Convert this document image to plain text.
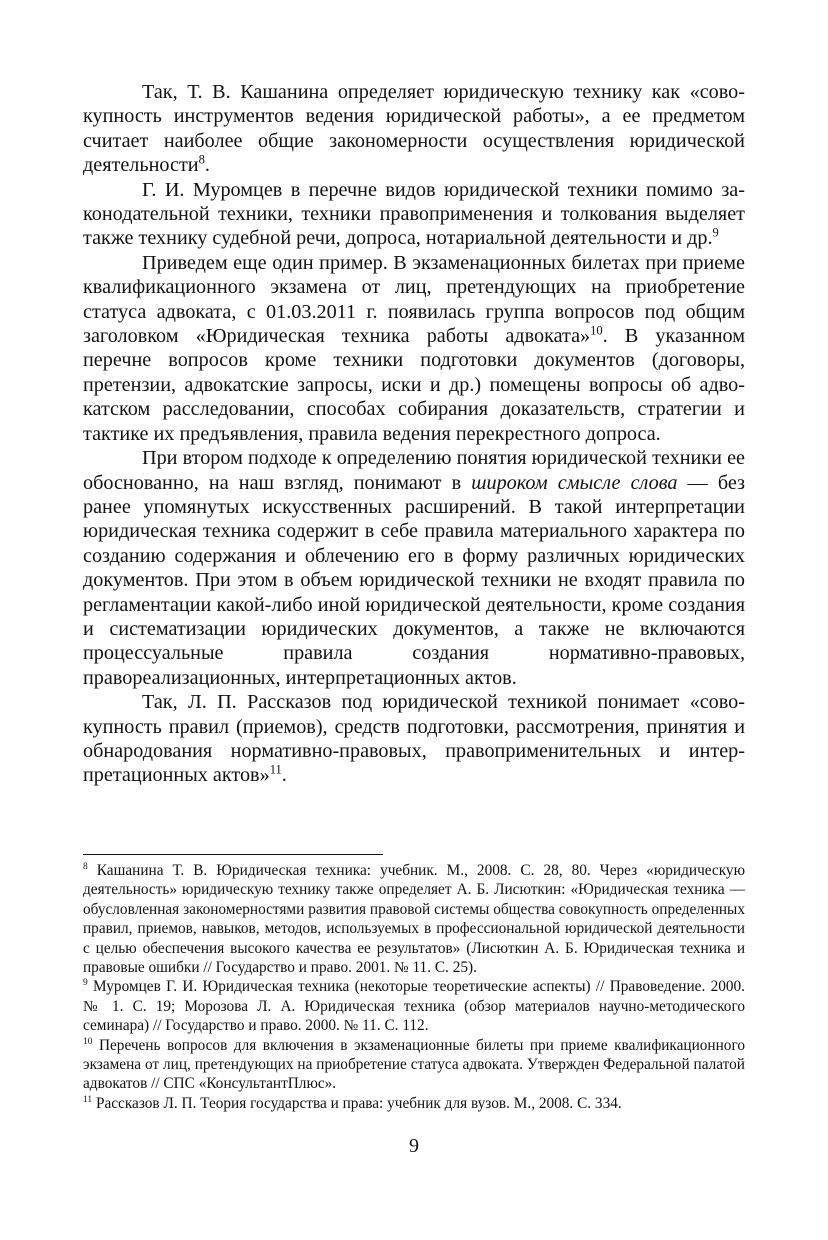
Так, Т. В. Кашанина определяет юридическую технику как «совокупность инструментов ведения юридической работы», а ее предметом считает наиболее общие закономерности осуществления юридической деятельности$^8$.

Г. И. Муромцев в перечне видов юридической техники помимо законодательной техники, техники правоприменения и толкования выделяет также технику судебной речи, допроса, нотариальной деятельности и др.$^9$

Приведем еще один пример. В экзаменационных билетах при приеме квалификационного экзамена от лиц, претендующих на приобретение статуса адвоката, с 01.03.2011 г. появилась группа вопросов под общим заголовком «Юридическая техника работы адвоката»$^{10}$. В указанном перечне вопросов кроме техники подготовки документов (договоры, претензии, адвокатские запросы, иски и др.) помещены вопросы об адвокатском расследовании, способах собирания доказательств, стратегии и тактике их предъявления, правила ведения перекрестного допроса.

При втором подходе к определению понятия юридической техники ее обоснованно, на наш взгляд, понимают в широком смысле слова — без ранее упомянутых искусственных расширений. В такой интерпретации юридическая техника содержит в себе правила материального характера по созданию содержания и облечению его в форму различных юридических документов. При этом в объем юридической техники не входят правила по регламентации какой-либо иной юридической деятельности, кроме создания и систематизации юридических документов, а также не включаются процессуальные правила создания нормативно-правовых, правореализационных, интерпретационных актов.

Так, Л. П. Рассказов под юридической техникой понимает «совокупность правил (приемов), средств подготовки, рассмотрения, принятия и обнародования нормативно-правовых, правоприменительных и интерпретационных актов»$^{11}$.

$^8$ Кашанина Т. В. Юридическая техника: учебник. М., 2008. С. 28, 80. Через «юридическую деятельность» юридическую технику также определяет А. Б. Лисюткин: «Юридическая техника — обусловленная закономерностями развития правовой системы общества совокупность определенных правил, приемов, навыков, методов, используемых в профессиональной юридической деятельности с целью обеспечения высокого качества ее результатов» (Лисюткин А. Б. Юридическая техника и правовые ошибки // Государство и право. 2001. № 11. С. 25).

$^9$ Муромцев Г. И. Юридическая техника (некоторые теоретические аспекты) // Правоведение. 2000. № 1. С. 19; Морозова Л. А. Юридическая техника (обзор материалов научно-методического семинара) // Государство и право. 2000. № 11. С. 112.

$^{10}$ Перечень вопросов для включения в экзаменационные билеты при приеме квалификационного экзамена от лиц, претендующих на приобретение статуса адвоката. Утвержден Федеральной палатой адвокатов // СПС «КонсультантПлюс».

$^{11}$ Рассказов Л. П. Теория государства и права: учебник для вузов. М., 2008. С. 334.

9
